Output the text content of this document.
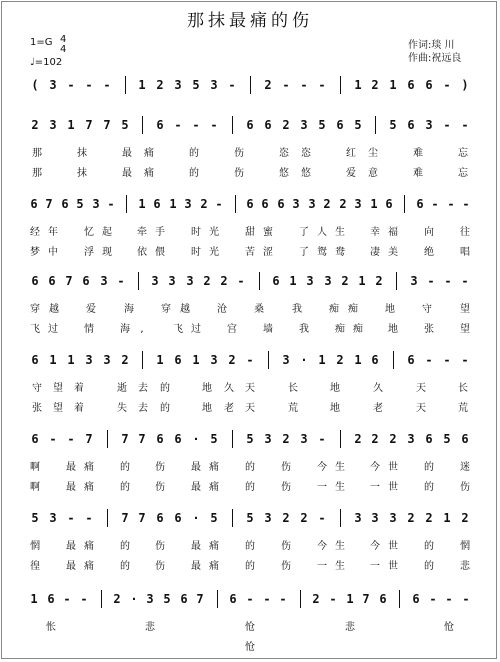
那抹最痛的伤
1=G 4
4
♩=102
作词:琰 川
作曲:祝远良
( 3 - - - 1 2 3 5 3 - 2 - - - 1 2 1 6 6 - )
2 3 1 7 7 5 6 - - - 6 6 2 3 5 6 5 5 6 3 - -
那	抹	最 痛	的	伤	恣 恣	红 尘	难	忘
那	抹	最 痛	的	伤	悠 悠	爱 意	难	忘
6 7 6 5 3 - 1 6 1 3 2 - 6 6 6 3 3 2 2 3 1 6 6 - - -
经 年	忆 起	牵 手	时 光	甜 蜜	了 人 生	幸 福	向	往
梦 中	浮 现	依 偎	时 光	苦 涩	了 鸳 鸯	凄 美	绝	唱
6 6 7 6 3 - 3 3 3 2 2 - 6 1 3 3 2 1 2 3 - - -
穿 越	爱	海	穿 越	沧	桑	我	痴 痴	地	守	望
飞 过	情	海	,	飞 过	宫	墙	我	痴 痴	地	张	望
6 1 1 3 3 2 1 6 1 3 2 - 3 · 1 2 1 6 6 - - -
守 望 着	逝 去 的	地 久 天	长	地	久	天	长
张 望 着	失 去 的	地 老 天	荒	地	老	天	荒
6 - - 7 7 7 6 6 · 5 5 3 2 3 - 2 2 2 3 6 5 6
啊	最 痛	的	伤	最 痛	的	伤	今 生	今 世	的	迷
啊	最 痛	的	伤	最 痛	的	伤	一 生	一 世	的	伤
5 3 - - 7 7 6 6 · 5 5 3 2 2 - 3 3 3 2 2 1 2
惘	最 痛	的	伤	最 痛	的	伤	今 生	今 世	的	惘
徨	最 痛	的	伤	最 痛	的	伤	一 生	一 世	的	悲
1 6 - - 2 · 3 5 6 7 6 - - - 2 - 1 7 6 6 - - -
怅	悲	怆	悲	怆
怆
